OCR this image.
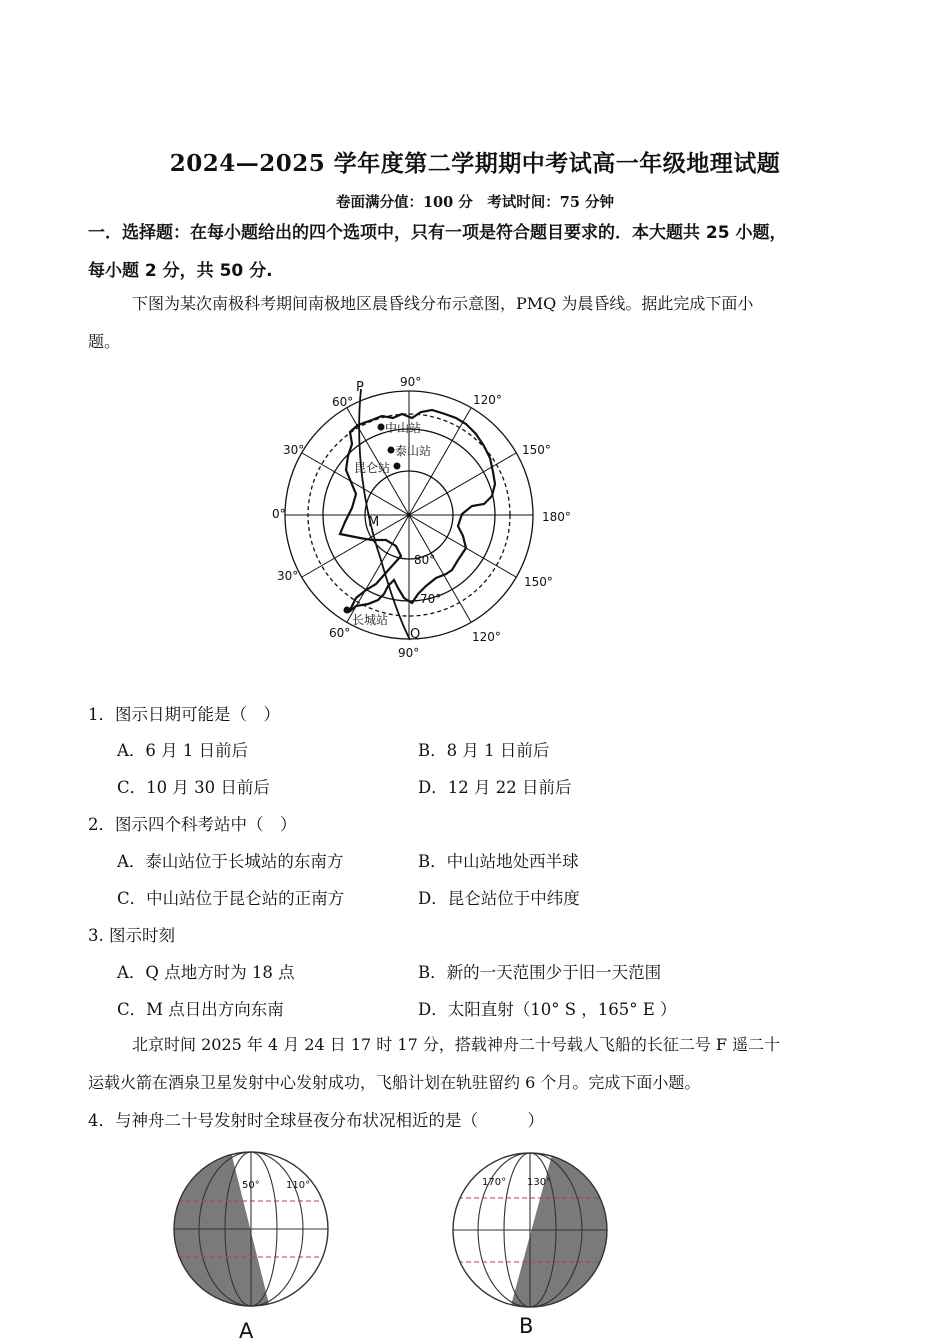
2024—2025 学年度第二学期期中考试高一年级地理试题
卷面满分值：100 分　考试时间：75 分钟
一．选择题：在每小题给出的四个选项中，只有一项是符合题目要求的．本大题共 25 小题，
每小题 2 分，共 50 分.
下图为某次南极科考期间南极地区晨昏线分布示意图，PMQ 为晨昏线。据此完成下面小
题。
中山站
泰山站
昆仑站
长城站
P
M
Q
90°
120°
150°
180°
150°
120°
90°
60°
30°
0°
30°
60°
80°
70°
1．图示日期可能是（　）
A．6 月 1 日前后	B．8 月 1 日前后
C．10 月 30 日前后	D．12 月 22 日前后
2．图示四个科考站中（　）
A．泰山站位于长城站的东南方	B．中山站地处西半球
C．中山站位于昆仑站的正南方	D．昆仑站位于中纬度
3. 图示时刻
A．Q 点地方时为 18 点	B．新的一天范围少于旧一天范围
C．M 点日出方向东南	D．太阳直射（10° S ，165° E ）
北京时间 2025 年 4 月 24 日 17 时 17 分，搭载神舟二十号载人飞船的长征二号 F 遥二十
运载火箭在酒泉卫星发射中心发射成功，飞船计划在轨驻留约 6 个月。完成下面小题。
4．与神舟二十号发射时全球昼夜分布状况相近的是（　　　）
50°	110°
A
170° 130°
B
